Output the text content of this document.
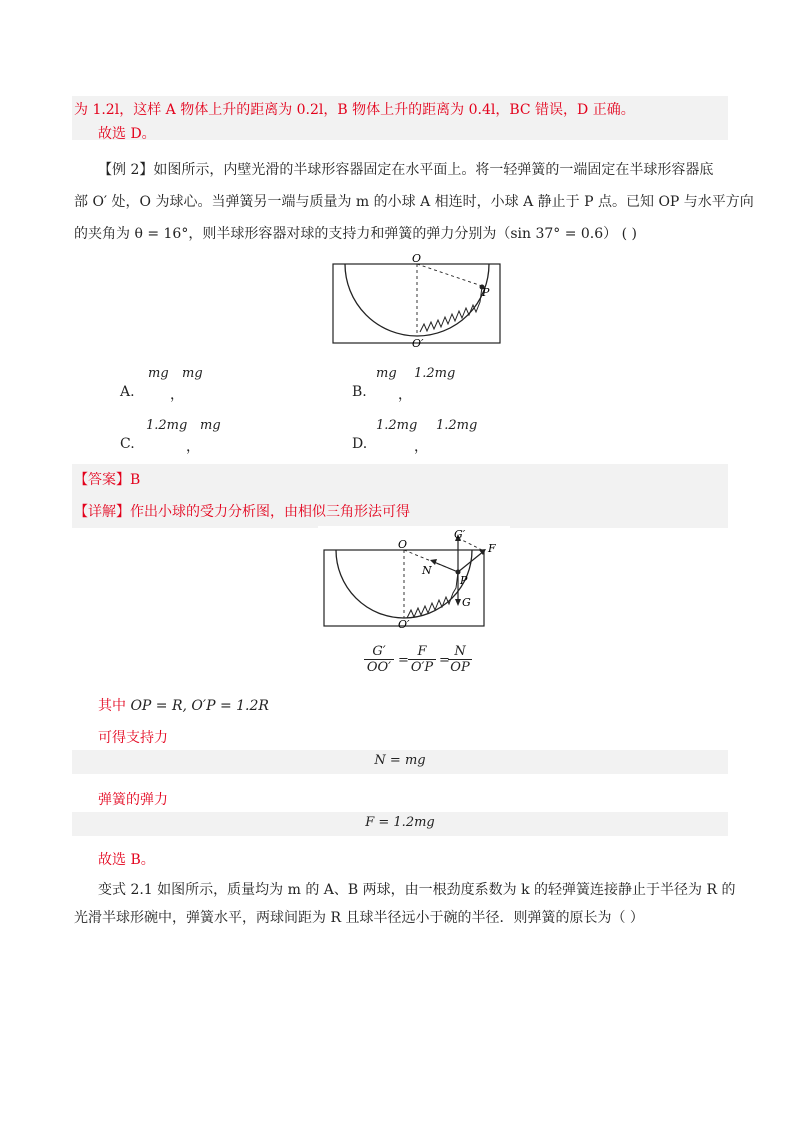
为 1.2l，这样 A 物体上升的距离为 0.2l，B 物体上升的距离为 0.4l，BC 错误，D 正确。
故选 D。
【例 2】如图所示，内壁光滑的半球形容器固定在水平面上。将一轻弹簧的一端固定在半球形容器底
部 O′ 处，O 为球心。当弹簧另一端与质量为 m 的小球 A 相连时，小球 A 静止于 P 点。已知 OP 与水平方向
的夹角为 θ = 16°，则半球形容器对球的支持力和弹簧的弹力分别为（sin 37° = 0.6） ( )
O
P
O′
A.
mg
，
mg
B.
mg
，
1.2mg
C.
1.2mg
，
mg
D.
1.2mg
，
1.2mg
【答案】B
【详解】作出小球的受力分析图，由相似三角形法可得
O
G′
F
N
P
G
O′
$\frac{G'}{OO'} = \frac{F}{O'P}$ =
$\frac{N}{OP}$
其中 OP = R, O′P = 1.2R
可得支持力
N = mg
弹簧的弹力
F = 1.2mg
故选 B。
变式 2.1 如图所示，质量均为 m 的 A、B 两球，由一根劲度系数为 k 的轻弹簧连接静止于半径为 R 的
光滑半球形碗中，弹簧水平，两球间距为 R 且球半径远小于碗的半径．则弹簧的原长为（ ）
